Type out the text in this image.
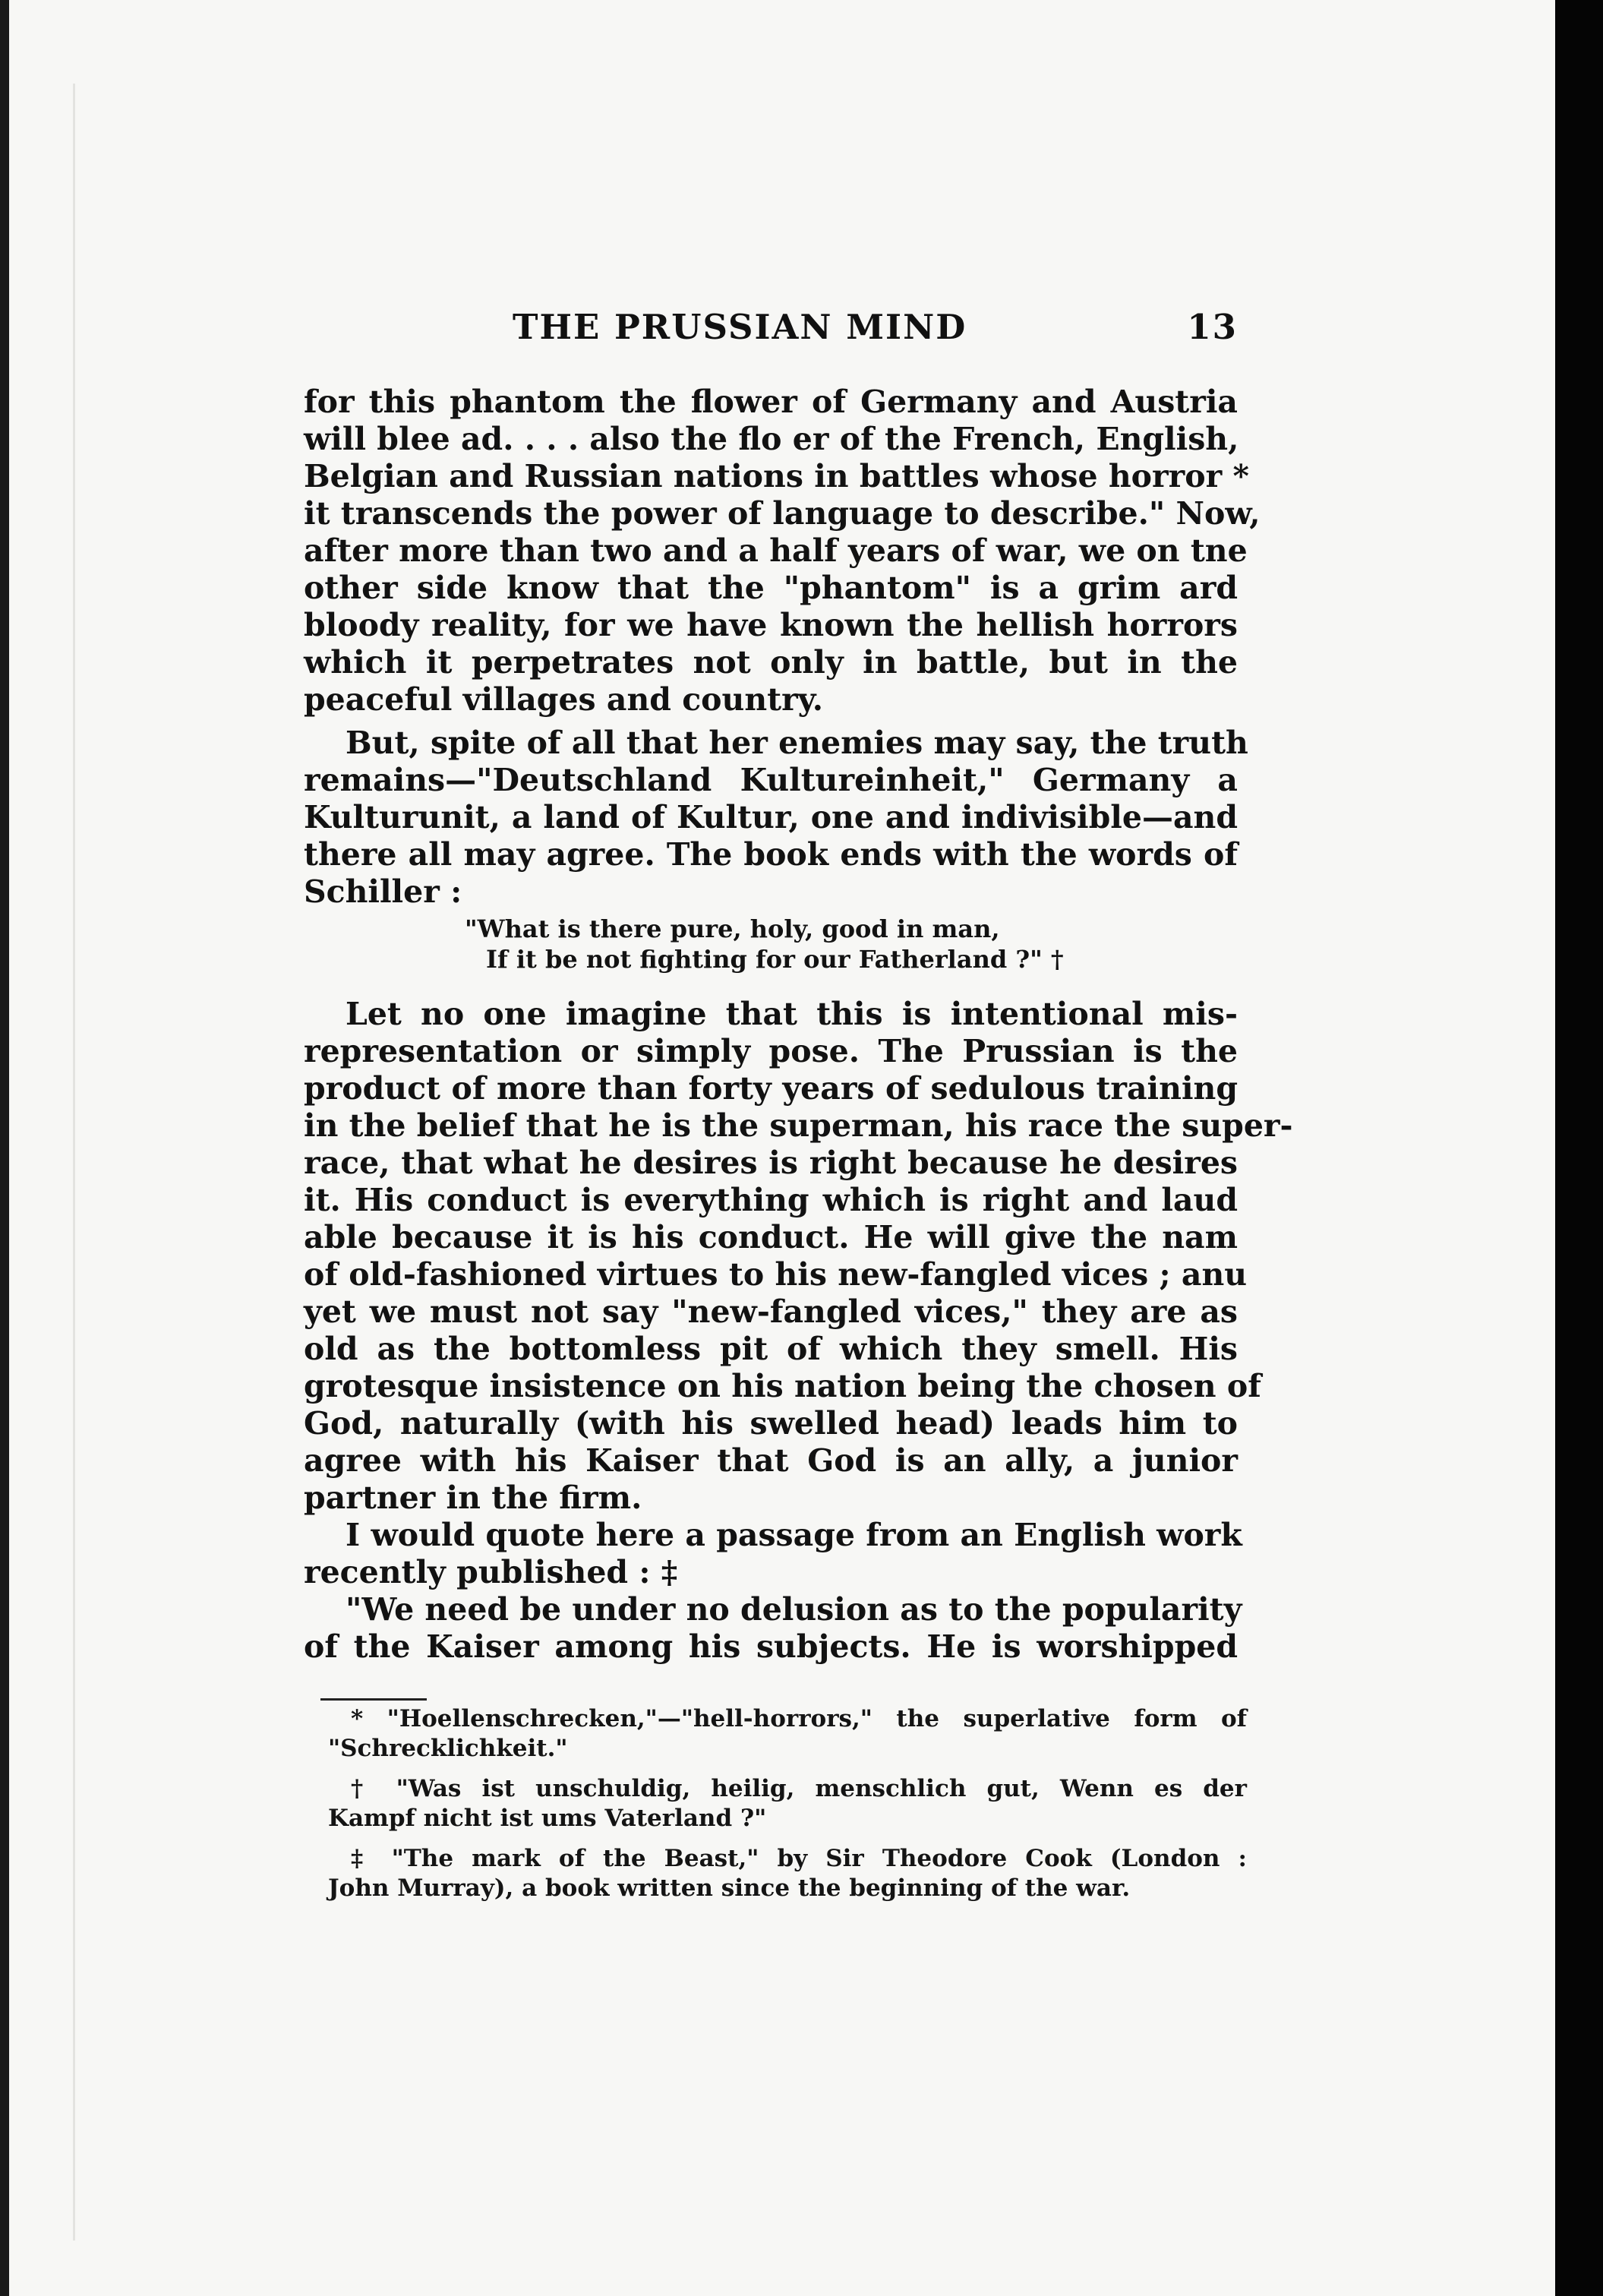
THE PRUSSIAN MIND	13
for this phantom the flower of Germany and Austria
will blee ad. . . . also the flo er of the French, English,
Belgian and Russian nations in battles whose horror *
it transcends the power of language to describe." Now,
after more than two and a half years of war, we on tne
other side know that the "phantom" is a grim ard
bloody reality, for we have known the hellish horrors
which it perpetrates not only in battle, but in the
peaceful villages and country.
But, spite of all that her enemies may say, the truth
remains—"Deutschland Kultureinheit," Germany a
Kulturunit, a land of Kultur, one and indivisible—and
there all may agree. The book ends with the words of
Schiller :
"What is there pure, holy, good in man,
If it be not fighting for our Fatherland ?" †
Let no one imagine that this is intentional mis-
representation or simply pose. The Prussian is the
product of more than forty years of sedulous training
in the belief that he is the superman, his race the super-
race, that what he desires is right because he desires
it. His conduct is everything which is right and laud
able because it is his conduct. He will give the nam
of old-fashioned virtues to his new-fangled vices ; anu
yet we must not say "new-fangled vices," they are as
old as the bottomless pit of which they smell. His
grotesque insistence on his nation being the chosen of
God, naturally (with his swelled head) leads him to
agree with his Kaiser that God is an ally, a junior
partner in the firm.
I would quote here a passage from an English work
recently published : ‡
"We need be under no delusion as to the popularity
of the Kaiser among his subjects. He is worshipped
* "Hoellenschrecken,"—"hell-horrors," the superlative form of
"Schrecklichkeit."
† "Was ist unschuldig, heilig, menschlich gut, Wenn es der
Kampf nicht ist ums Vaterland ?"
‡ "The mark of the Beast," by Sir Theodore Cook (London :
John Murray), a book written since the beginning of the war.
